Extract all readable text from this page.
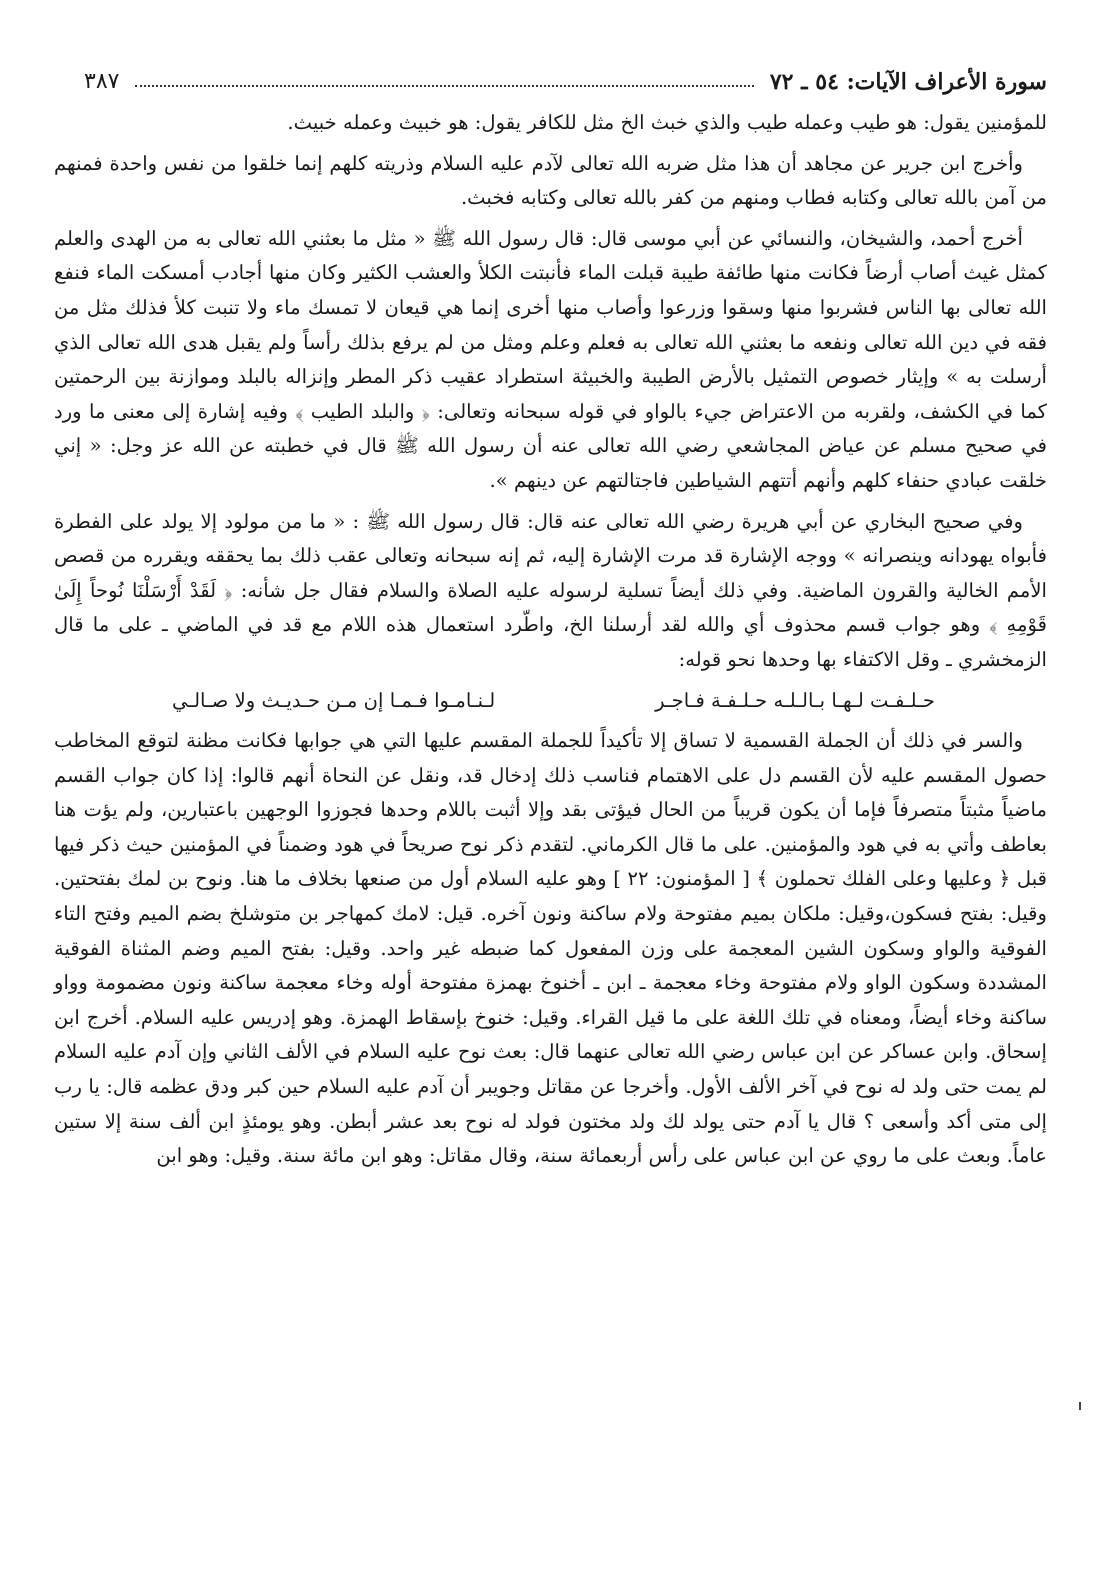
سورة الأعراف الآيات: ٥٤ ـ ٧٢
٣٨٧

للمؤمنين يقول: هو طيب وعمله طيب والذي خبث الخ مثل للكافر يقول: هو خبيث وعمله خبيث.

وأخرج ابن جرير عن مجاهد أن هذا مثل ضربه الله تعالى لآدم عليه السلام وذريته كلهم إنما خلقوا من نفس واحدة فمنهم من آمن بالله تعالى وكتابه فطاب ومنهم من كفر بالله تعالى وكتابه فخبث.

أخرج أحمد، والشيخان، والنسائي عن أبي موسى قال: قال رسول الله ﷺ « مثل ما بعثني الله تعالى به من الهدى والعلم كمثل غيث أصاب أرضاً فكانت منها طائفة طيبة قبلت الماء فأنبتت الكلأ والعشب الكثير وكان منها أجادب أمسكت الماء فنفع الله تعالى بها الناس فشربوا منها وسقوا وزرعوا وأصاب منها أخرى إنما هي قيعان لا تمسك ماء ولا تنبت كلأ فذلك مثل من فقه في دين الله تعالى ونفعه ما بعثني الله تعالى به فعلم وعلم ومثل من لم يرفع بذلك رأساً ولم يقبل هدى الله تعالى الذي أرسلت به » وإيثار خصوص التمثيل بالأرض الطيبة والخبيثة استطراد عقيب ذكر المطر وإنزاله بالبلد وموازنة بين الرحمتين كما في الكشف، ولقربه من الاعتراض جيء بالواو في قوله سبحانه وتعالى: ﴿ والبلد الطيب ﴾ وفيه إشارة إلى معنى ما ورد في صحيح مسلم عن عياض المجاشعي رضي الله تعالى عنه أن رسول الله ﷺ قال في خطبته عن الله عز وجل: « إني خلقت عبادي حنفاء كلهم وأنهم أتتهم الشياطين فاجتالتهم عن دينهم ».

وفي صحيح البخاري عن أبي هريرة رضي الله تعالى عنه قال: قال رسول الله ﷺ : « ما من مولود إلا يولد على الفطرة فأبواه يهودانه وينصرانه » ووجه الإشارة قد مرت الإشارة إليه، ثم إنه سبحانه وتعالى عقب ذلك بما يحققه ويقرره من قصص الأمم الخالية والقرون الماضية. وفي ذلك أيضاً تسلية لرسوله عليه الصلاة والسلام فقال جل شأنه: ﴿ لَقَدْ أَرْسَلْنَا نُوحاً إِلَىٰ قَوْمِهِ ﴾ وهو جواب قسم محذوف أي والله لقد أرسلنا الخ، واطّرد استعمال هذه اللام مع قد في الماضي ـ على ما قال الزمخشري ـ وقل الاكتفاء بها وحدها نحو قوله:

حـلـفـت لـهـا بـالـلـه حـلـفـة فـاجـر
لـنـامـوا فـمـا إن مـن حـديـث ولا صـالـي

والسر في ذلك أن الجملة القسمية لا تساق إلا تأكيداً للجملة المقسم عليها التي هي جوابها فكانت مظنة لتوقع المخاطب حصول المقسم عليه لأن القسم دل على الاهتمام فناسب ذلك إدخال قد، ونقل عن النحاة أنهم قالوا: إذا كان جواب القسم ماضياً مثبتاً متصرفاً فإما أن يكون قريباً من الحال فيؤتى بقد وإلا أثبت باللام وحدها فجوزوا الوجهين باعتبارين، ولم يؤت هنا بعاطف وأتي به في هود والمؤمنين. على ما قال الكرماني. لتقدم ذكر نوح صريحاً في هود وضمناً في المؤمنين حيث ذكر فيها قبل ﴿ وعليها وعلى الفلك تحملون ﴾ [ المؤمنون: ٢٢ ] وهو عليه السلام أول من صنعها بخلاف ما هنا. ونوح بن لمك بفتحتين. وقيل: بفتح فسكون،وقيل: ملكان بميم مفتوحة ولام ساكنة ونون آخره. قيل: لامك كمهاجر بن متوشلخ بضم الميم وفتح التاء الفوقية والواو وسكون الشين المعجمة على وزن المفعول كما ضبطه غير واحد. وقيل: بفتح الميم وضم المثناة الفوقية المشددة وسكون الواو ولام مفتوحة وخاء معجمة ـ ابن ـ أخنوخ بهمزة مفتوحة أوله وخاء معجمة ساكنة ونون مضمومة وواو ساكنة وخاء أيضاً، ومعناه في تلك اللغة على ما قيل القراء. وقيل: خنوخ بإسقاط الهمزة. وهو إدريس عليه السلام. أخرج ابن إسحاق. وابن عساكر عن ابن عباس رضي الله تعالى عنهما قال: بعث نوح عليه السلام في الألف الثاني وإن آدم عليه السلام لم يمت حتى ولد له نوح في آخر الألف الأول. وأخرجا عن مقاتل وجويبر أن آدم عليه السلام حين كبر ودق عظمه قال: يا رب إلى متى أكد وأسعى ؟ قال يا آدم حتى يولد لك ولد مختون فولد له نوح بعد عشر أبطن. وهو يومئذٍ ابن ألف سنة إلا ستين عاماً. وبعث على ما روي عن ابن عباس على رأس أربعمائة سنة، وقال مقاتل: وهو ابن مائة سنة. وقيل: وهو ابن
